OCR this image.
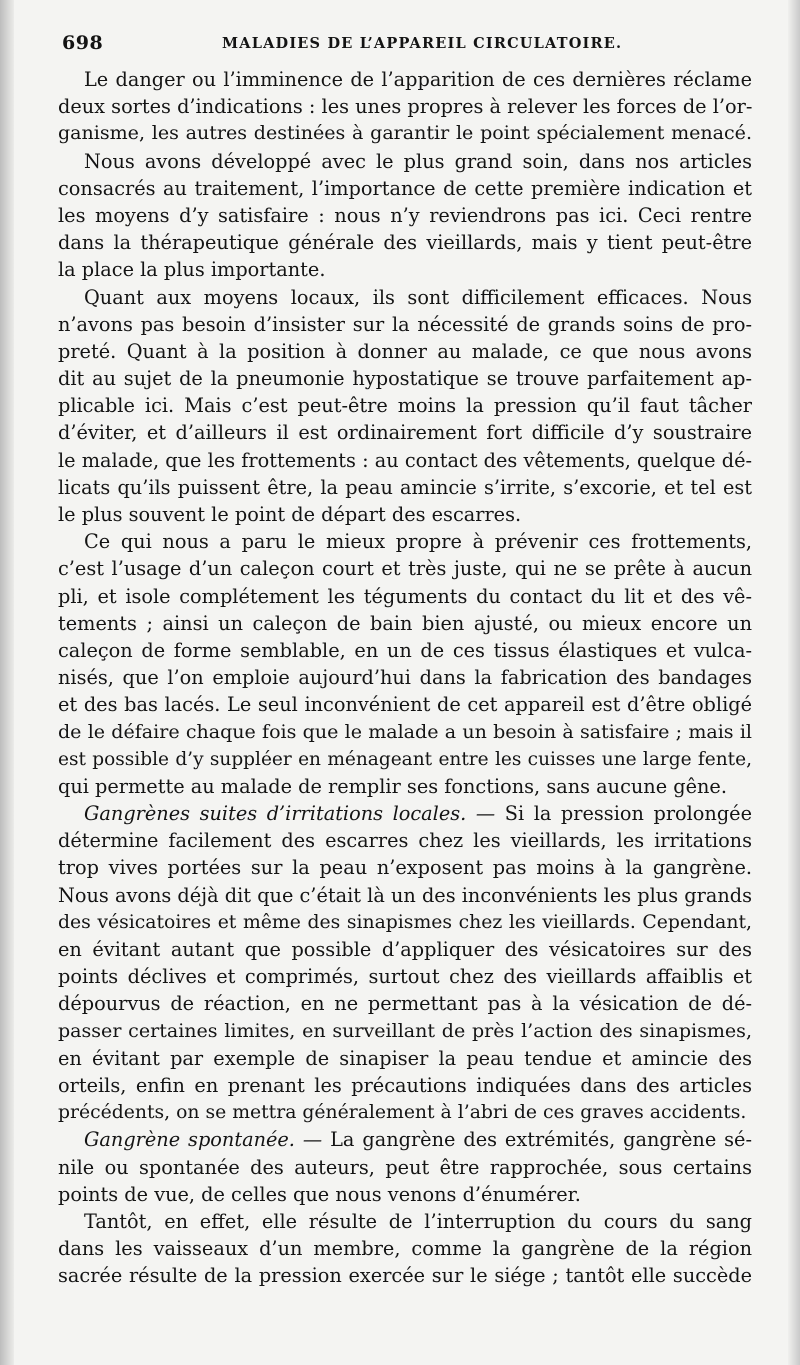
698	MALADIES DE L’APPAREIL CIRCULATOIRE.
Le danger ou l’imminence de l’apparition de ces dernières réclame
deux sortes d’indications : les unes propres à relever les forces de l’or-
ganisme, les autres destinées à garantir le point spécialement menacé.
Nous avons développé avec le plus grand soin, dans nos articles
consacrés au traitement, l’importance de cette première indication et
les moyens d’y satisfaire : nous n’y reviendrons pas ici. Ceci rentre
dans la thérapeutique générale des vieillards, mais y tient peut-être
la place la plus importante.
Quant aux moyens locaux, ils sont difficilement efficaces. Nous
n’avons pas besoin d’insister sur la nécessité de grands soins de pro-
preté. Quant à la position à donner au malade, ce que nous avons
dit au sujet de la pneumonie hypostatique se trouve parfaitement ap-
plicable ici. Mais c’est peut-être moins la pression qu’il faut tâcher
d’éviter, et d’ailleurs il est ordinairement fort difficile d’y soustraire
le malade, que les frottements : au contact des vêtements, quelque dé-
licats qu’ils puissent être, la peau amincie s’irrite, s’excorie, et tel est
le plus souvent le point de départ des escarres.
Ce qui nous a paru le mieux propre à prévenir ces frottements,
c’est l’usage d’un caleçon court et très juste, qui ne se prête à aucun
pli, et isole complétement les téguments du contact du lit et des vê-
tements ; ainsi un caleçon de bain bien ajusté, ou mieux encore un
caleçon de forme semblable, en un de ces tissus élastiques et vulca-
nisés, que l’on emploie aujourd’hui dans la fabrication des bandages
et des bas lacés. Le seul inconvénient de cet appareil est d’être obligé
de le défaire chaque fois que le malade a un besoin à satisfaire ; mais il
est possible d’y suppléer en ménageant entre les cuisses une large fente,
qui permette au malade de remplir ses fonctions, sans aucune gêne.
Gangrènes suites d’irritations locales. — Si la pression prolongée
détermine facilement des escarres chez les vieillards, les irritations
trop vives portées sur la peau n’exposent pas moins à la gangrène.
Nous avons déjà dit que c’était là un des inconvénients les plus grands
des vésicatoires et même des sinapismes chez les vieillards. Cependant,
en évitant autant que possible d’appliquer des vésicatoires sur des
points déclives et comprimés, surtout chez des vieillards affaiblis et
dépourvus de réaction, en ne permettant pas à la vésication de dé-
passer certaines limites, en surveillant de près l’action des sinapismes,
en évitant par exemple de sinapiser la peau tendue et amincie des
orteils, enfin en prenant les précautions indiquées dans des articles
précédents, on se mettra généralement à l’abri de ces graves accidents.
Gangrène spontanée. — La gangrène des extrémités, gangrène sé-
nile ou spontanée des auteurs, peut être rapprochée, sous certains
points de vue, de celles que nous venons d’énumérer.
Tantôt, en effet, elle résulte de l’interruption du cours du sang
dans les vaisseaux d’un membre, comme la gangrène de la région
sacrée résulte de la pression exercée sur le siége ; tantôt elle succède
